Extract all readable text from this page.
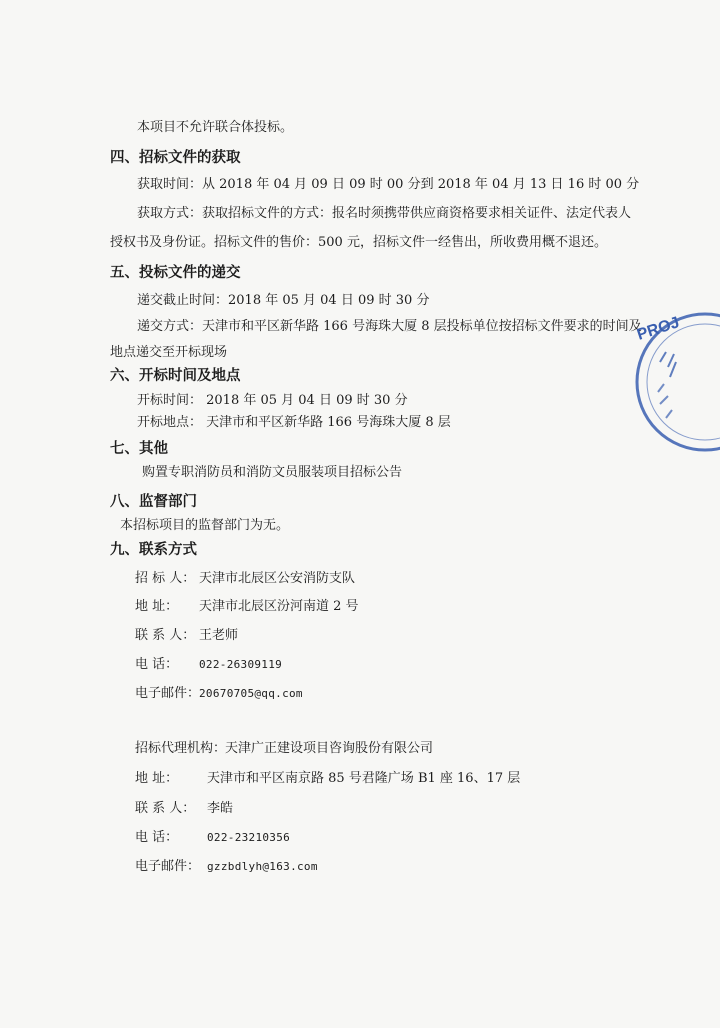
本项目不允许联合体投标。
四、招标文件的获取
获取时间：从 2018 年 04 月 09 日 09 时 00 分到 2018 年 04 月 13 日 16 时 00 分
获取方式：获取招标文件的方式：报名时须携带供应商资格要求相关证件、法定代表人
授权书及身份证。招标文件的售价：500 元，招标文件一经售出，所收费用概不退还。
五、投标文件的递交
递交截止时间：2018 年 05 月 04 日 09 时 30 分
递交方式：天津市和平区新华路 166 号海珠大厦 8 层投标单位按招标文件要求的时间及
地点递交至开标现场
六、开标时间及地点
开标时间： 2018 年 05 月 04 日 09 时 30 分
开标地点： 天津市和平区新华路 166 号海珠大厦 8 层
七、其他
购置专职消防员和消防文员服装项目招标公告
八、监督部门
本招标项目的监督部门为无。
九、联系方式
招 标 人： 天津市北辰区公安消防支队
地 址： 天津市北辰区汾河南道 2 号
联 系 人： 王老师
电 话： 022-26309119
电子邮件：20670705@qq.com
招标代理机构：天津广正建设项目咨询股份有限公司
地 址： 天津市和平区南京路 85 号君隆广场 B1 座 16、17 层
联 系 人： 李皓
电 话：	022-23210356
电子邮件： gzzbdlyh@163.com
PROJ
